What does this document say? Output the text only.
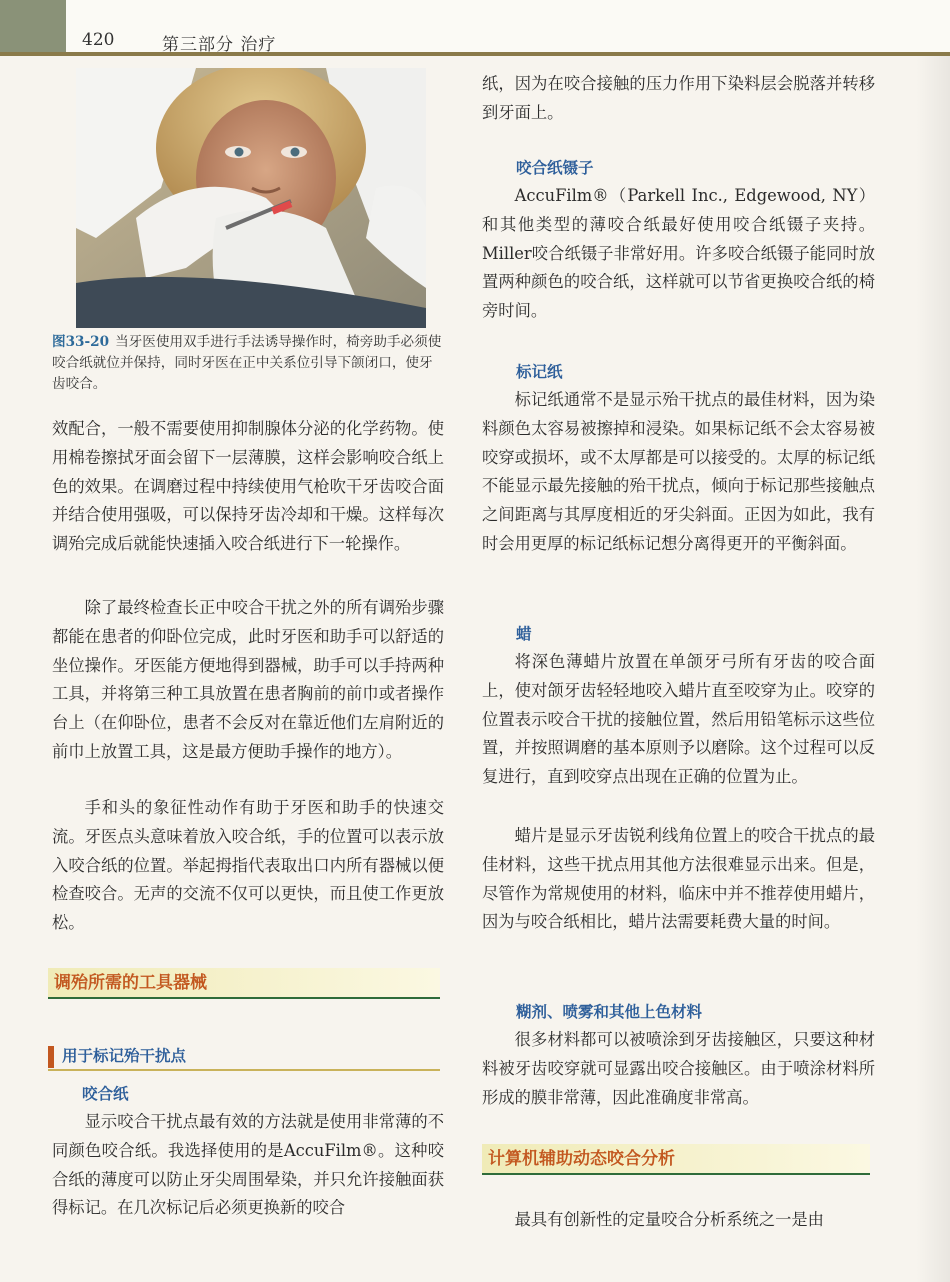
420	第三部分 治疗
图33-20 当牙医使用双手进行手法诱导操作时，椅旁助手必须使咬合纸就位并保持，同时牙医在正中关系位引导下颌闭口，使牙齿咬合。

效配合，一般不需要使用抑制腺体分泌的化学药物。使用棉卷擦拭牙面会留下一层薄膜，这样会影响咬合纸上色的效果。在调磨过程中持续使用气枪吹干牙齿咬合面并结合使用强吸，可以保持牙齿冷却和干燥。这样每次调殆完成后就能快速插入咬合纸进行下一轮操作。

除了最终检查长正中咬合干扰之外的所有调殆步骤都能在患者的仰卧位完成，此时牙医和助手可以舒适的坐位操作。牙医能方便地得到器械，助手可以手持两种工具，并将第三种工具放置在患者胸前的前巾或者操作台上（在仰卧位，患者不会反对在靠近他们左肩附近的前巾上放置工具，这是最方便助手操作的地方）。

手和头的象征性动作有助于牙医和助手的快速交流。牙医点头意味着放入咬合纸，手的位置可以表示放入咬合纸的位置。举起拇指代表取出口内所有器械以便检查咬合。无声的交流不仅可以更快，而且使工作更放松。

调殆所需的工具器械
用于标记殆干扰点
咬合纸

显示咬合干扰点最有效的方法就是使用非常薄的不同颜色咬合纸。我选择使用的是AccuFilm®。这种咬合纸的薄度可以防止牙尖周围晕染，并只允许接触面获得标记。在几次标记后必须更换新的咬合

纸，因为在咬合接触的压力作用下染料层会脱落并转移到牙面上。

咬合纸镊子

AccuFilm®（Parkell Inc., Edgewood, NY）和其他类型的薄咬合纸最好使用咬合纸镊子夹持。Miller咬合纸镊子非常好用。许多咬合纸镊子能同时放置两种颜色的咬合纸，这样就可以节省更换咬合纸的椅旁时间。

标记纸

标记纸通常不是显示殆干扰点的最佳材料，因为染料颜色太容易被擦掉和浸染。如果标记纸不会太容易被咬穿或损坏，或不太厚都是可以接受的。太厚的标记纸不能显示最先接触的殆干扰点，倾向于标记那些接触点之间距离与其厚度相近的牙尖斜面。正因为如此，我有时会用更厚的标记纸标记想分离得更开的平衡斜面。

蜡

将深色薄蜡片放置在单颌牙弓所有牙齿的咬合面上，使对颌牙齿轻轻地咬入蜡片直至咬穿为止。咬穿的位置表示咬合干扰的接触位置，然后用铅笔标示这些位置，并按照调磨的基本原则予以磨除。这个过程可以反复进行，直到咬穿点出现在正确的位置为止。

蜡片是显示牙齿锐利线角位置上的咬合干扰点的最佳材料，这些干扰点用其他方法很难显示出来。但是，尽管作为常规使用的材料，临床中并不推荐使用蜡片，因为与咬合纸相比，蜡片法需要耗费大量的时间。

糊剂、喷雾和其他上色材料

很多材料都可以被喷涂到牙齿接触区，只要这种材料被牙齿咬穿就可显露出咬合接触区。由于喷涂材料所形成的膜非常薄，因此准确度非常高。

计算机辅助动态咬合分析

最具有创新性的定量咬合分析系统之一是由
